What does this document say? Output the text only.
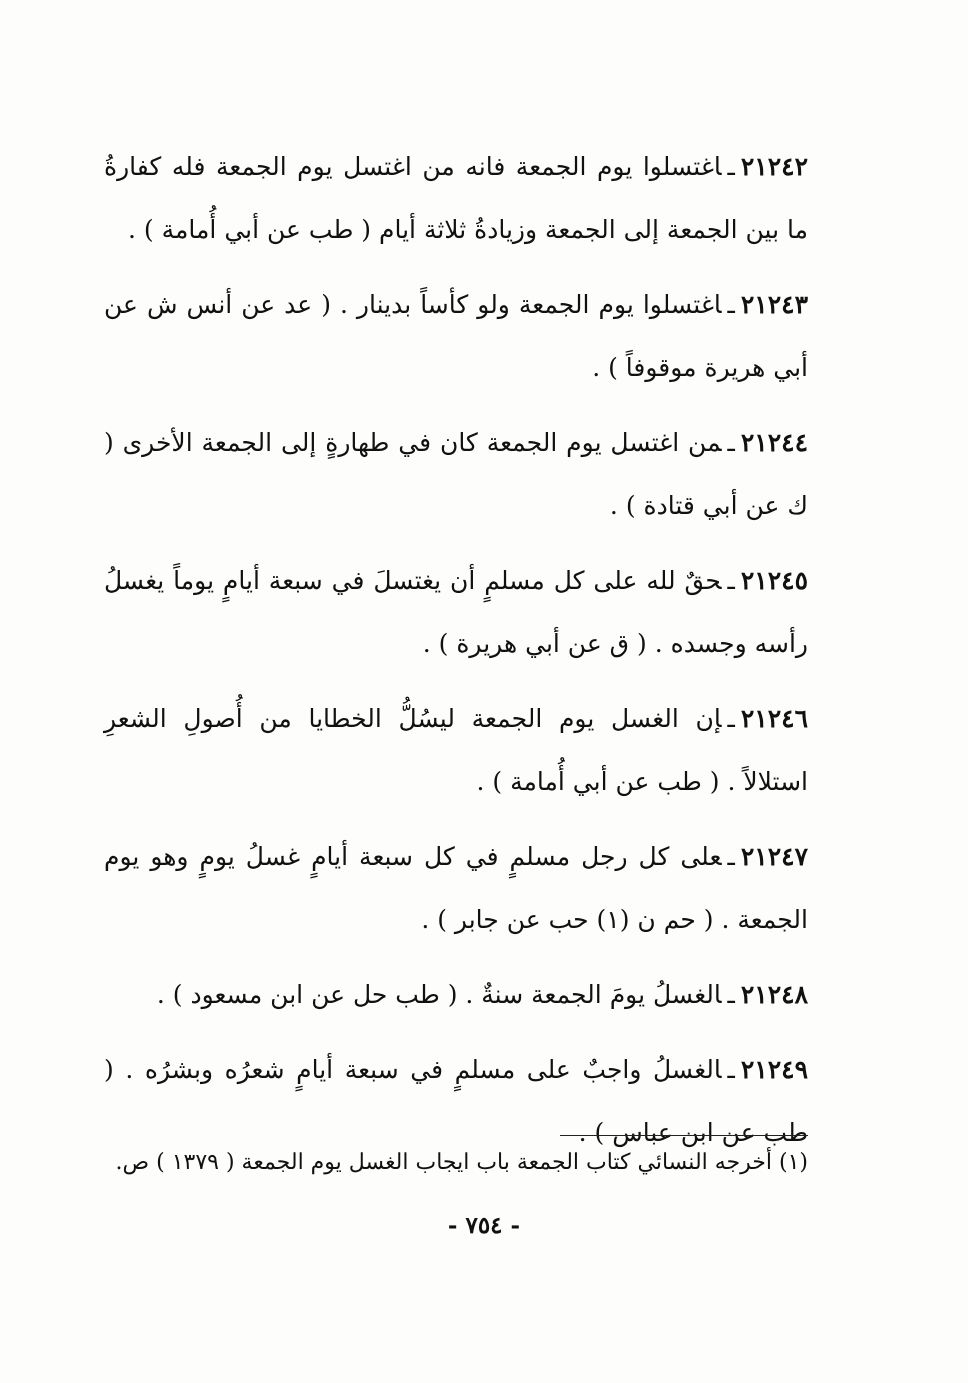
٢١٢٤٢ـاغتسلوا يوم الجمعة فانه من اغتسل يوم الجمعة فله كفارةُ ما بين الجمعة إلى الجمعة وزيادةُ ثلاثة أيام ( طب عن أبي أُمامة ) .

٢١٢٤٣ـاغتسلوا يوم الجمعة ولو كأساً بدينار . ( عد عن أنس ش عن أبي هريرة موقوفاً ) .

٢١٢٤٤ـمن اغتسل يوم الجمعة كان في طهارةٍ إلى الجمعة الأخرى ( ك عن أبي قتادة ) .

٢١٢٤٥ـحقٌ لله على كل مسلمٍ أن يغتسلَ في سبعة أيامٍ يوماً يغسلُ رأسه وجسده . ( ق عن أبي هريرة ) .

٢١٢٤٦ـإن الغسل يوم الجمعة ليسُلُّ الخطايا من أُصولِ الشعرِ استلالاً . ( طب عن أبي أُمامة ) .

٢١٢٤٧ـعلى كل رجل مسلمٍ في كل سبعة أيامٍ غسلُ يومٍ وهو يوم الجمعة . ( حم ن (١) حب عن جابر ) .

٢١٢٤٨ـالغسلُ يومَ الجمعة سنةٌ . ( طب حل عن ابن مسعود ) .

٢١٢٤٩ـالغسلُ واجبٌ على مسلمٍ في سبعة أيامٍ شعرُه وبشرُه . ( طب عن ابن عباس ) .

(١) أخرجه النسائي كتاب الجمعة باب ايجاب الغسل يوم الجمعة ( ١٣٧٩ ) ص.
- ٧٥٤ -
